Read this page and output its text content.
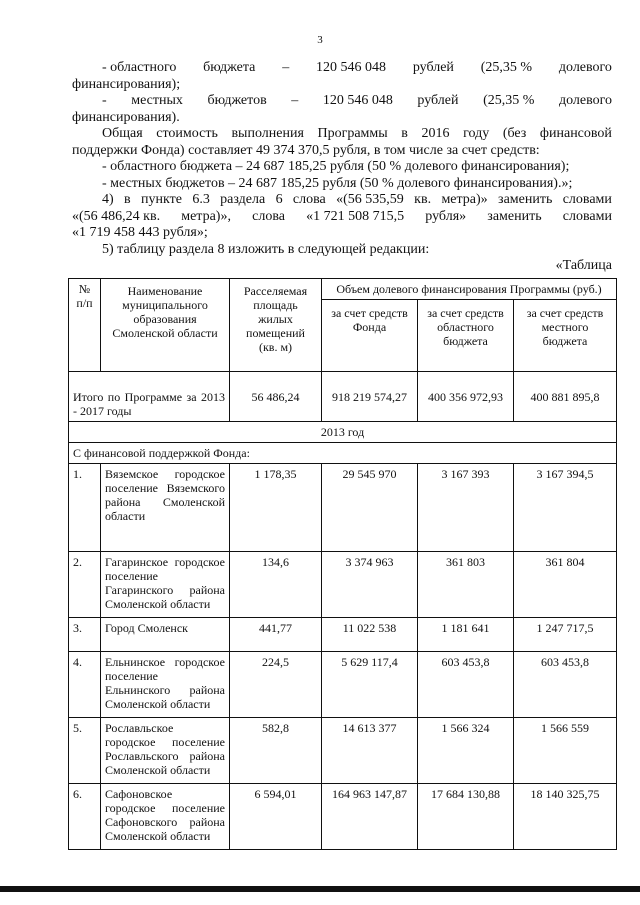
3
- областного бюджета – 120 546 048 рублей (25,35 % долевого
финансирования);
- местных бюджетов – 120 546 048 рублей (25,35 % долевого
финансирования).
Общая стоимость выполнения Программы в 2016 году (без финансовой
поддержки Фонда) составляет 49 374 370,5 рубля, в том числе за счет средств:
- областного бюджета – 24 687 185,25 рубля (50 % долевого финансирования);
- местных бюджетов – 24 687 185,25 рубля (50 % долевого финансирования).»;
4) в пункте 6.3 раздела 6 слова «(56 535,59 кв. метра)» заменить словами
«(56 486,24 кв. метра)», слова «1 721 508 715,5 рубля» заменить словами
«1 719 458 443 рубля»;
5) таблицу раздела 8 изложить в следующей редакции:
«Таблица
№ п/п	Наименование муниципального образования Смоленской области	Расселяемая площадь жилых помещений (кв. м)	Объем долевого финансирования Программы (руб.)		
			за счет средств Фонда	за счет средств областного бюджета	за счет средств местного бюджета
Итого по Программе за 2013 - 2017 годы		56 486,24	918 219 574,27	400 356 972,93	400 881 895,8
2013 год					
С финансовой поддержкой Фонда:					
1.	Вяземское городское поселение Вяземского района Смоленской области	1 178,35	29 545 970	3 167 393	3 167 394,5
2.	Гагаринское городское поселение Гагаринского района Смоленской области	134,6	3 374 963	361 803	361 804
3.	Город Смоленск	441,77	11 022 538	1 181 641	1 247 717,5
4.	Ельнинское городское поселение Ельнинского района Смоленской области	224,5	5 629 117,4	603 453,8	603 453,8
5.	Рославльское городское поселение Рославльского района Смоленской области	582,8	14 613 377	1 566 324	1 566 559
6.	Сафоновское городское поселение Сафоновского района Смоленской области	6 594,01	164 963 147,87	17 684 130,88	18 140 325,75
